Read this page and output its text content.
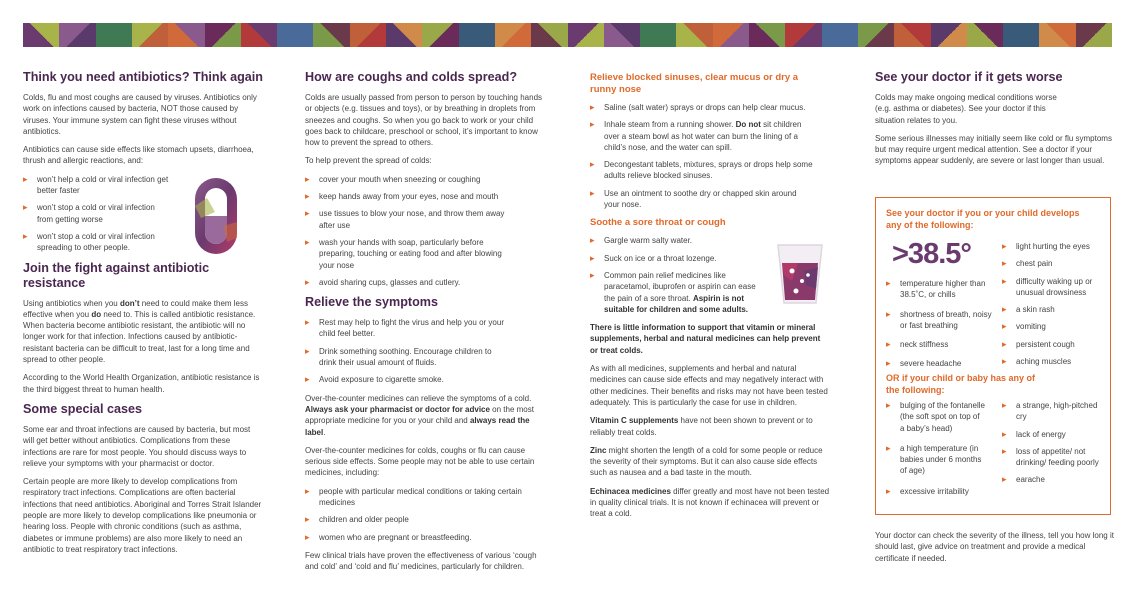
Think you need antibiotics? Think again

Colds, flu and most coughs are caused by viruses. Antibiotics only work on infections caused by bacteria, NOT those caused by viruses. Your immune system can fight these viruses without antibiotics.

Antibiotics can cause side effects like stomach upsets, diarrhoea, thrush and allergic reactions, and:

▸ won’t help a cold or viral infection get better faster
▸ won’t stop a cold or viral infection from getting worse
▸ won’t stop a cold or viral infection spreading to other people.
Join the fight against antibiotic resistance

Using antibiotics when you don’t need to could make them less effective when you do need to. This is called antibiotic resistance. When bacteria become antibiotic resistant, the antibiotic will no longer work for that infection. Infections caused by antibiotic-resistant bacteria can be difficult to treat, last for a long time and spread to other people.

According to the World Health Organization, antibiotic resistance is the third biggest threat to human health.

Some special cases

Some ear and throat infections are caused by bacteria, but most will get better without antibiotics. Complications from these infections are rare for most people. You should discuss ways to relieve your symptoms with your pharmacist or doctor.

Certain people are more likely to develop complications from respiratory tract infections. Complications are often bacterial infections that need antibiotics. Aboriginal and Torres Strait Islander people are more likely to develop complications like pneumonia or hearing loss. People with chronic conditions (such as asthma, diabetes or immune problems) are also more likely to need an antibiotic to treat respiratory tract infections.

How are coughs and colds spread?

Colds are usually passed from person to person by touching hands or objects (e.g. tissues and toys), or by breathing in droplets from sneezes and coughs. So when you go back to work or your child goes back to childcare, preschool or school, it’s important to know how to prevent the spread to others.

To help prevent the spread of colds:

▸ cover your mouth when sneezing or coughing
▸ keep hands away from your eyes, nose and mouth
▸ use tissues to blow your nose, and throw them away after use
▸ wash your hands with soap, particularly before preparing, touching or eating food and after blowing your nose
▸ avoid sharing cups, glasses and cutlery.
Relieve the symptoms
▸ Rest may help to fight the virus and help you or your child feel better.
▸ Drink something soothing. Encourage children to drink their usual amount of fluids.
▸ Avoid exposure to cigarette smoke.

Over-the-counter medicines can relieve the symptoms of a cold. Always ask your pharmacist or doctor for advice on the most appropriate medicine for you or your child and always read the label.

Over-the-counter medicines for colds, coughs or flu can cause serious side effects. Some people may not be able to use certain medicines, including:

▸ people with particular medical conditions or taking certain medicines
▸ children and older people
▸ women who are pregnant or breastfeeding.

Few clinical trials have proven the effectiveness of various ‘cough and cold’ and ‘cold and flu’ medicines, particularly for children.

Relieve blocked sinuses, clear mucus or dry a runny nose
▸ Saline (salt water) sprays or drops can help clear mucus.
▸ Inhale steam from a running shower. Do not sit children over a steam bowl as hot water can burn the lining of a child’s nose, and the water can spill.
▸ Decongestant tablets, mixtures, sprays or drops help some adults relieve blocked sinuses.
▸ Use an ointment to soothe dry or chapped skin around your nose.
Soothe a sore throat or cough
▸ Gargle warm salty water.
▸ Suck on ice or a throat lozenge.
▸ Common pain relief medicines like paracetamol, ibuprofen or aspirin can ease the pain of a sore throat. Aspirin is not suitable for children and some adults.

There is little information to support that vitamin or mineral supplements, herbal and natural medicines can help prevent or treat colds.

As with all medicines, supplements and herbal and natural medicines can cause side effects and may negatively interact with other medicines. Their benefits and risks may not have been tested adequately. This is particularly the case for use in children.

Vitamin C supplements have not been shown to prevent or to reliably treat colds.

Zinc might shorten the length of a cold for some people or reduce the severity of their symptoms. But it can also cause side effects such as nausea and a bad taste in the mouth.

Echinacea medicines differ greatly and most have not been tested in quality clinical trials. It is not known if echinacea will prevent or treat a cold.

See your doctor if it gets worse

Colds may make ongoing medical conditions worse (e.g. asthma or diabetes). See your doctor if this situation relates to you.

Some serious illnesses may initially seem like cold or flu symptoms but may require urgent medical attention. See a doctor if your symptoms appear suddenly, are severe or last longer than usual.

See your doctor if you or your child develops any of the following:
>38.5°
▸ temperature higher than 38.5˚C, or chills
▸ shortness of breath, noisy or fast breathing
▸ neck stiffness
▸ severe headache
▸ light hurting the eyes
▸ chest pain
▸ difficulty waking up or unusual drowsiness
▸ a skin rash
▸ vomiting
▸ persistent cough
▸ aching muscles
OR if your child or baby has any of the following:
▸ bulging of the fontanelle (the soft spot on top of a baby’s head)
▸ a high temperature (in babies under 6 months of age)
▸ excessive irritability
▸ a strange, high-pitched cry
▸ lack of energy
▸ loss of appetite/ not drinking/ feeding poorly
▸ earache

Your doctor can check the severity of the illness, tell you how long it should last, give advice on treatment and provide a medical certificate if needed.
